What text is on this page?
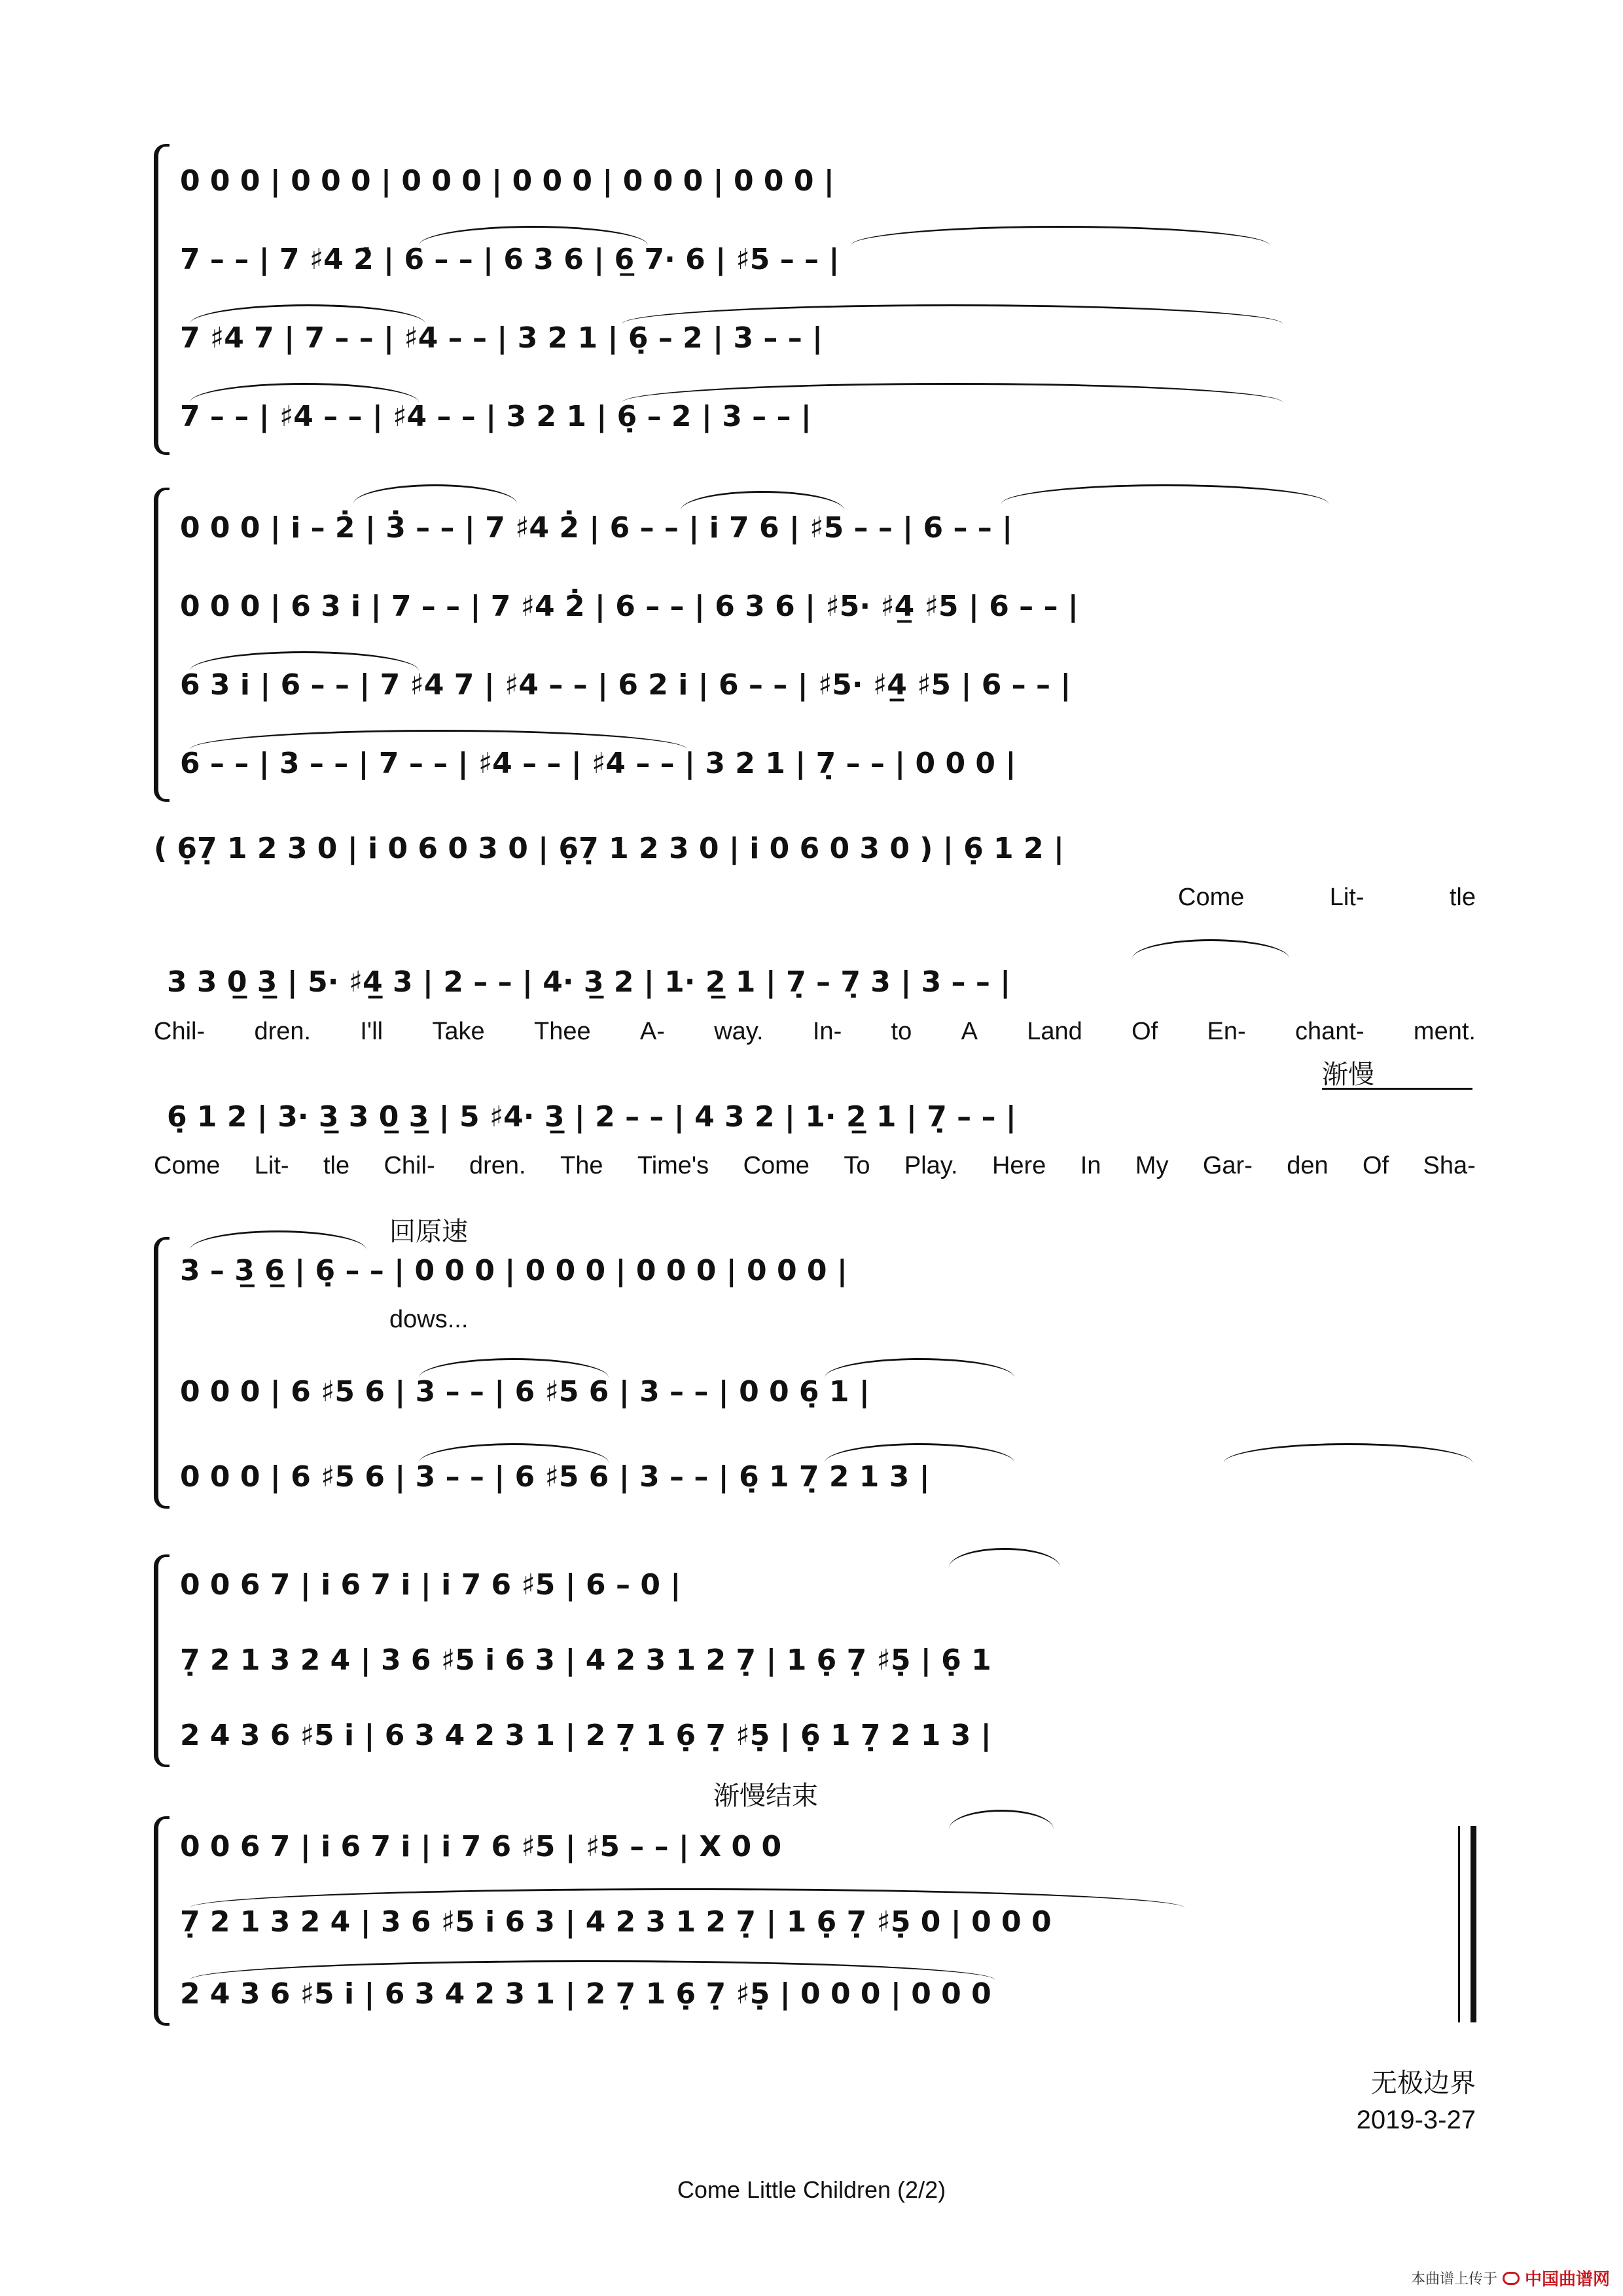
0 0 0 | 0 0 0 | 0 0 0 | 0 0 0 | 0 0 0 | 0 0 0 |
7 – – | 7 ♯4 2̇ | 6 – – | 6 3 6 | 6̲ 7· 6 | ♯5 – – |
7 ♯4 7 | 7 – – | ♯4 – – | 3 2 1 | 6̣ – 2 | 3 – – |
7 – – | ♯4 – – | ♯4 – – | 3 2 1 | 6̣ – 2 | 3 – – |
0 0 0 | i – 2̇ | 3̇ – – | 7 ♯4 2̇ | 6 – – | i 7 6 | ♯5 – – | 6 – – |
0 0 0 | 6 3 i | 7 – – | 7 ♯4 2̇ | 6 – – | 6 3 6 | ♯5· ♯4̲ ♯5 | 6 – – |
6 3 i | 6 – – | 7 ♯4 7 | ♯4 – – | 6 2 i | 6 – – | ♯5· ♯4̲ ♯5 | 6 – – |
6 – – | 3 – – | 7 – – | ♯4 – – | ♯4 – – | 3 2 1 | 7̣ – – | 0 0 0 |
( 6̣7̣ 1 2 3 0 | i 0 6 0 3 0 | 6̣7̣ 1 2 3 0 | i 0 6 0 3 0 ) | 6̣ 1 2 |
Come	Lit-	tle
3 3 0̲ 3̲ | 5· ♯4̲ 3 | 2 – – | 4· 3̲ 2 | 1· 2̲ 1 | 7̣ – 7̣ 3 | 3 – – |
Chil- dren. I'll Take Thee A- way. In- to A Land Of En- chant- ment.
渐慢
6̣ 1 2 | 3· 3̲ 3 0̲ 3̲ | 5 ♯4· 3̲ | 2 – – | 4 3 2 | 1· 2̲ 1 | 7̣ – – |
Come Lit- tle Chil- dren. The Time's Come To Play. Here In My Gar- den Of Sha-
回原速
3 – 3̲ 6̲ | 6̣ – – | 0 0 0 | 0 0 0 | 0 0 0 | 0 0 0 |
dows...
0 0 0 | 6 ♯5 6 | 3 – – | 6 ♯5 6 | 3 – – | 0 0 6̣ 1 |
0 0 0 | 6 ♯5 6 | 3 – – | 6 ♯5 6 | 3 – – | 6̣ 1 7̣ 2 1 3 |
0 0 6 7 | i 6 7 i | i 7 6 ♯5 | 6 – 0 |
7̣ 2 1 3 2 4 | 3 6 ♯5 i 6 3 | 4 2 3 1 2 7̣ | 1 6̣ 7̣ ♯5̣ | 6̣ 1
2 4 3 6 ♯5 i | 6 3 4 2 3 1 | 2 7̣ 1 6̣ 7̣ ♯5̣ | 6̣ 1 7̣ 2 1 3 |
渐慢结束
0 0 6 7 | i 6 7 i | i 7 6 ♯5 | ♯5 – – | X 0 0
7̣ 2 1 3 2 4 | 3 6 ♯5 i 6 3 | 4 2 3 1 2 7̣ | 1 6̣ 7̣ ♯5̣ 0 | 0 0 0
2 4 3 6 ♯5 i | 6 3 4 2 3 1 | 2 7̣ 1 6̣ 7̣ ♯5̣ | 0 0 0 | 0 0 0
无极边界
2019-3-27
Come Little Children (2/2)
本曲谱上传于 中国曲谱网
